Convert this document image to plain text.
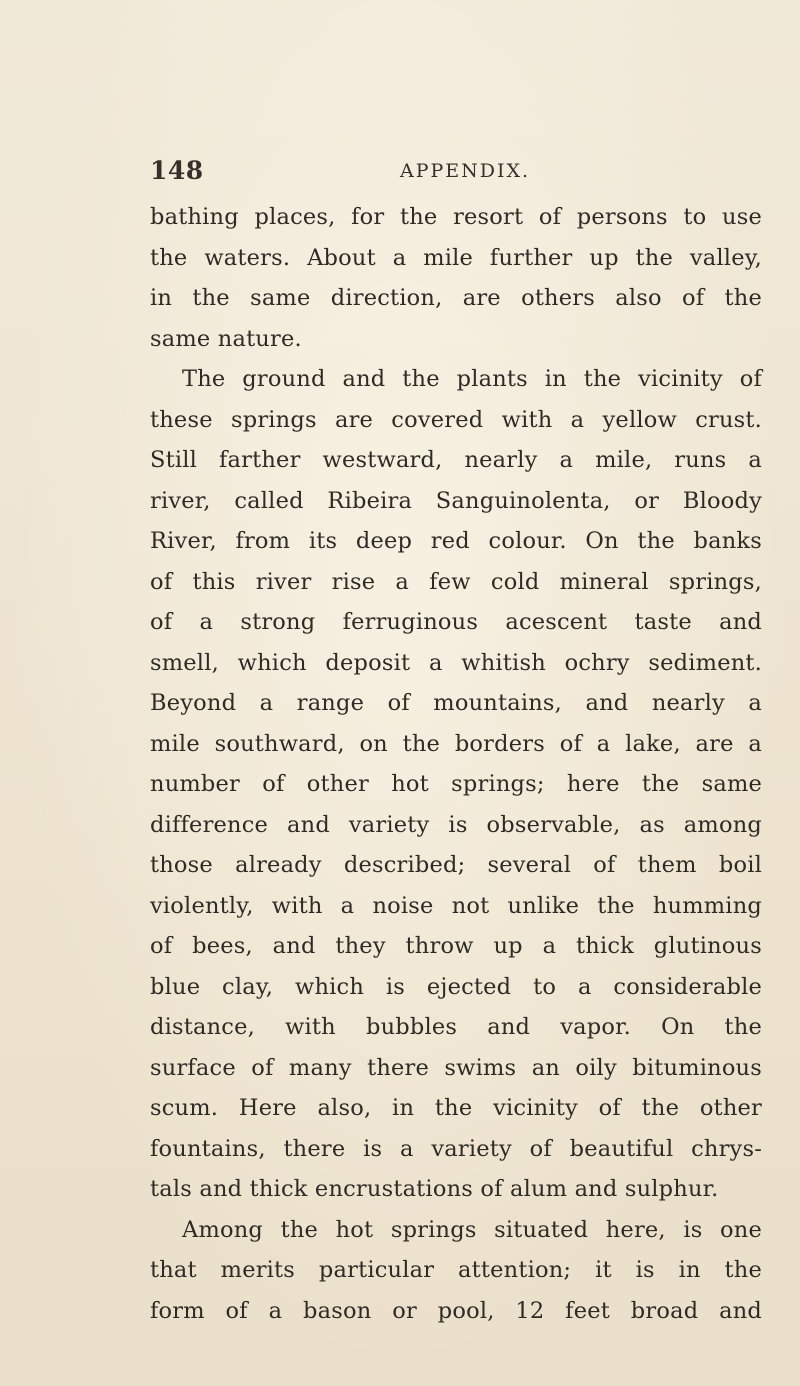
148	APPENDIX.
bathing places, for the resort of persons to use
the waters. About a mile further up the valley,
in the same direction, are others also of the
same nature.
The ground and the plants in the vicinity of
these springs are covered with a yellow crust.
Still farther westward, nearly a mile, runs a
river, called Ribeira Sanguinolenta, or Bloody
River, from its deep red colour. On the banks
of this river rise a few cold mineral springs,
of a strong ferruginous acescent taste and
smell, which deposit a whitish ochry sediment.
Beyond a range of mountains, and nearly a
mile southward, on the borders of a lake, are a
number of other hot springs; here the same
difference and variety is observable, as among
those already described; several of them boil
violently, with a noise not unlike the humming
of bees, and they throw up a thick glutinous
blue clay, which is ejected to a considerable
distance, with bubbles and vapor. On the
surface of many there swims an oily bituminous
scum. Here also, in the vicinity of the other
fountains, there is a variety of beautiful chrys-
tals and thick encrustations of alum and sulphur.
Among the hot springs situated here, is one
that merits particular attention; it is in the
form of a bason or pool, 12 feet broad and
